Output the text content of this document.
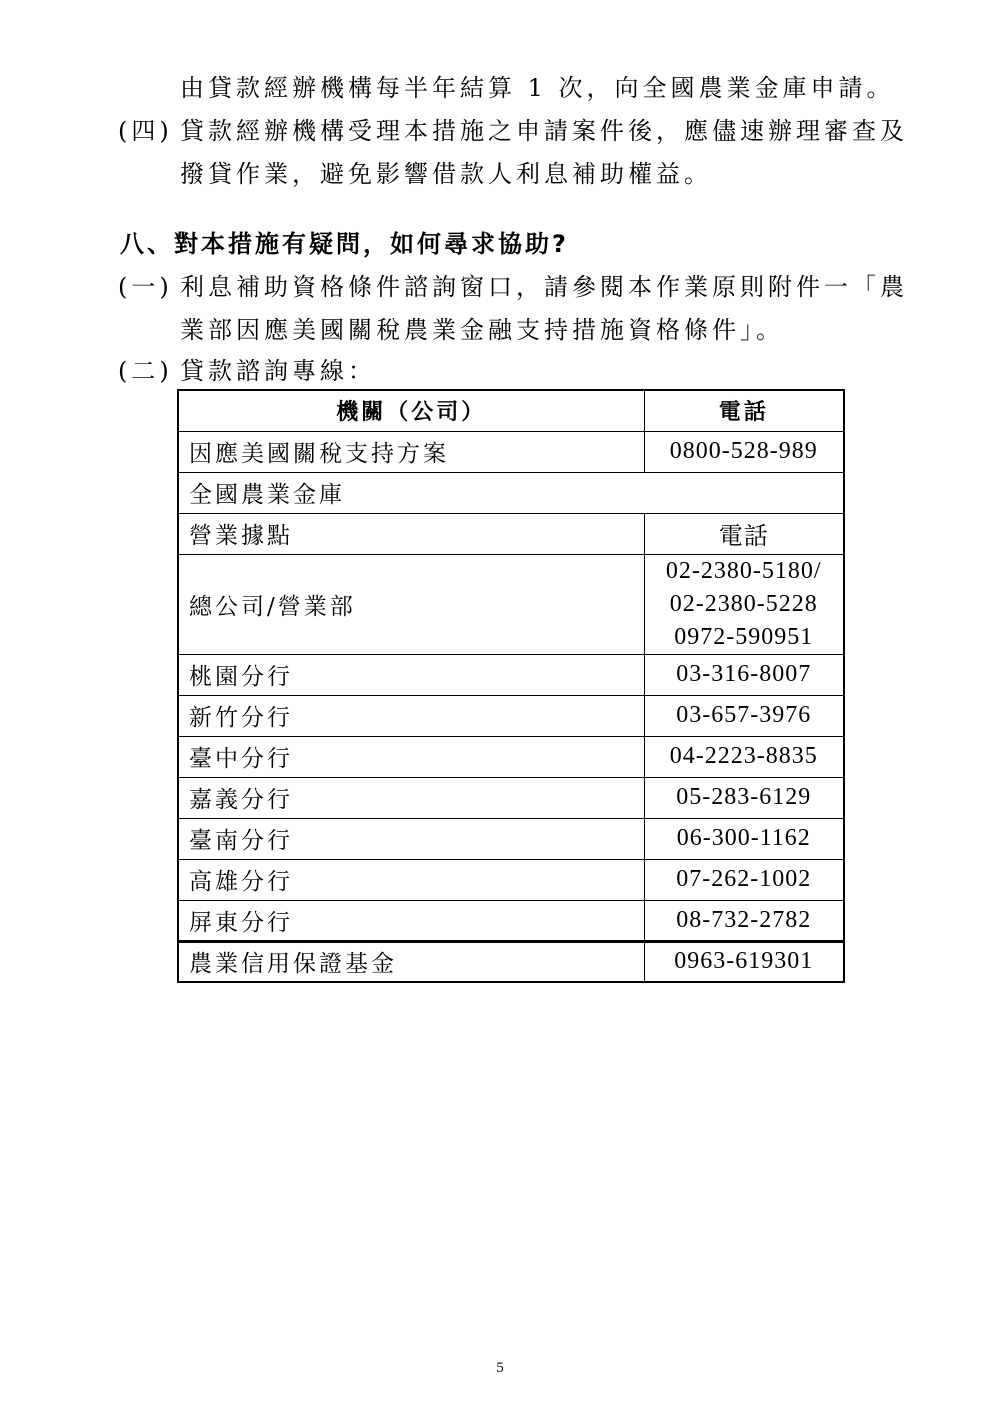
由貸款經辦機構每半年結算 1 次，向全國農業金庫申請。
(四) 貸款經辦機構受理本措施之申請案件後，應儘速辦理審查及
撥貸作業，避免影響借款人利息補助權益。
八、對本措施有疑問，如何尋求協助?
(一) 利息補助資格條件諮詢窗口，請參閱本作業原則附件一「農
業部因應美國關稅農業金融支持措施資格條件」。
(二) 貸款諮詢專線：
機關（公司）	電話
因應美國關稅支持方案	0800-528-989
全國農業金庫	
營業據點	電話
總公司/營業部	02-2380-5180/
02-2380-5228
0972-590951

桃園分行	03-316-8007
新竹分行	03-657-3976
臺中分行	04-2223-8835
嘉義分行	05-283-6129
臺南分行	06-300-1162
高雄分行	07-262-1002
屏東分行	08-732-2782
農業信用保證基金	0963-619301
5
